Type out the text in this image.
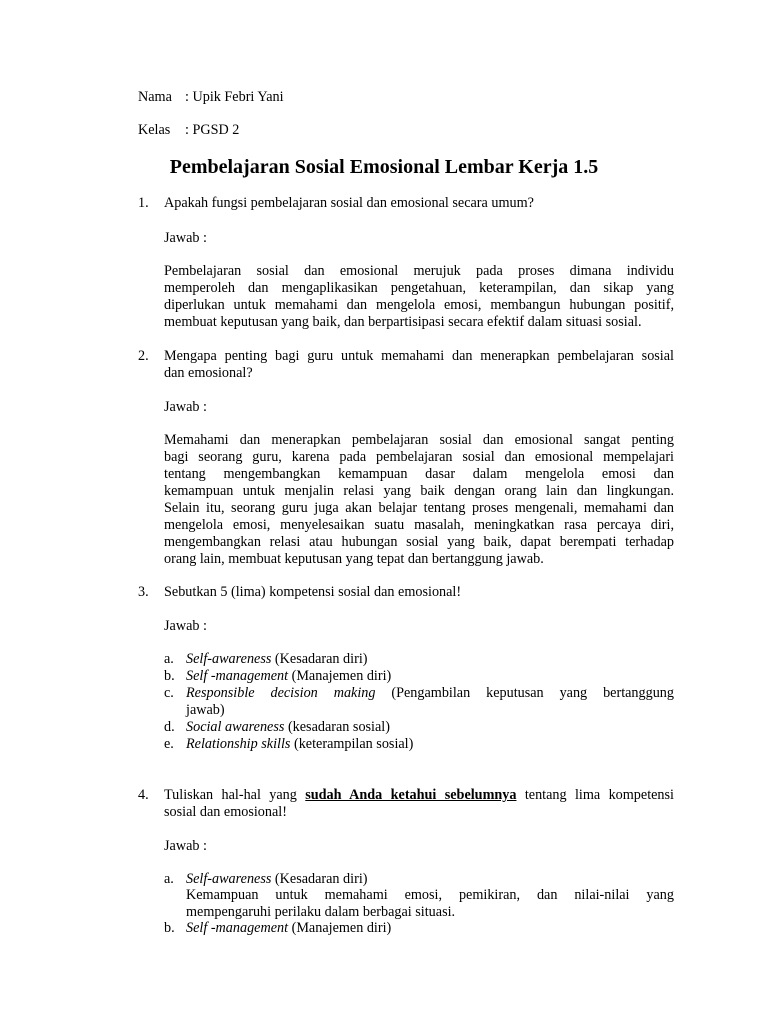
Nama : Upik Febri Yani
Kelas : PGSD 2
Pembelajaran Sosial Emosional Lembar Kerja 1.5
1. Apakah fungsi pembelajaran sosial dan emosional secara umum?
Jawab :
Pembelajaran sosial dan emosional merujuk pada proses dimana individu
memperoleh dan mengaplikasikan pengetahuan, keterampilan, dan sikap yang
diperlukan untuk memahami dan mengelola emosi, membangun hubungan positif,
membuat keputusan yang baik, dan berpartisipasi secara efektif dalam situasi sosial.
2. Mengapa penting bagi guru untuk memahami dan menerapkan pembelajaran sosial
dan emosional?
Jawab :
Memahami dan menerapkan pembelajaran sosial dan emosional sangat penting
bagi seorang guru, karena pada pembelajaran sosial dan emosional mempelajari
tentang mengembangkan kemampuan dasar dalam mengelola emosi dan
kemampuan untuk menjalin relasi yang baik dengan orang lain dan lingkungan.
Selain itu, seorang guru juga akan belajar tentang proses mengenali, memahami dan
mengelola emosi, menyelesaikan suatu masalah, meningkatkan rasa percaya diri,
mengembangkan relasi atau hubungan sosial yang baik, dapat berempati terhadap
orang lain, membuat keputusan yang tepat dan bertanggung jawab.
3. Sebutkan 5 (lima) kompetensi sosial dan emosional!
Jawab :
a. Self-awareness (Kesadaran diri)
b. Self -management (Manajemen diri)
c. Responsible decision making (Pengambilan keputusan yang bertanggung
jawab)
d. Social awareness (kesadaran sosial)
e. Relationship skills (keterampilan sosial)
4. Tuliskan hal-hal yang sudah Anda ketahui sebelumnya tentang lima kompetensi
sosial dan emosional!
Jawab :
a. Self-awareness (Kesadaran diri)
Kemampuan untuk memahami emosi, pemikiran, dan nilai-nilai yang
mempengaruhi perilaku dalam berbagai situasi.
b. Self -management (Manajemen diri)
